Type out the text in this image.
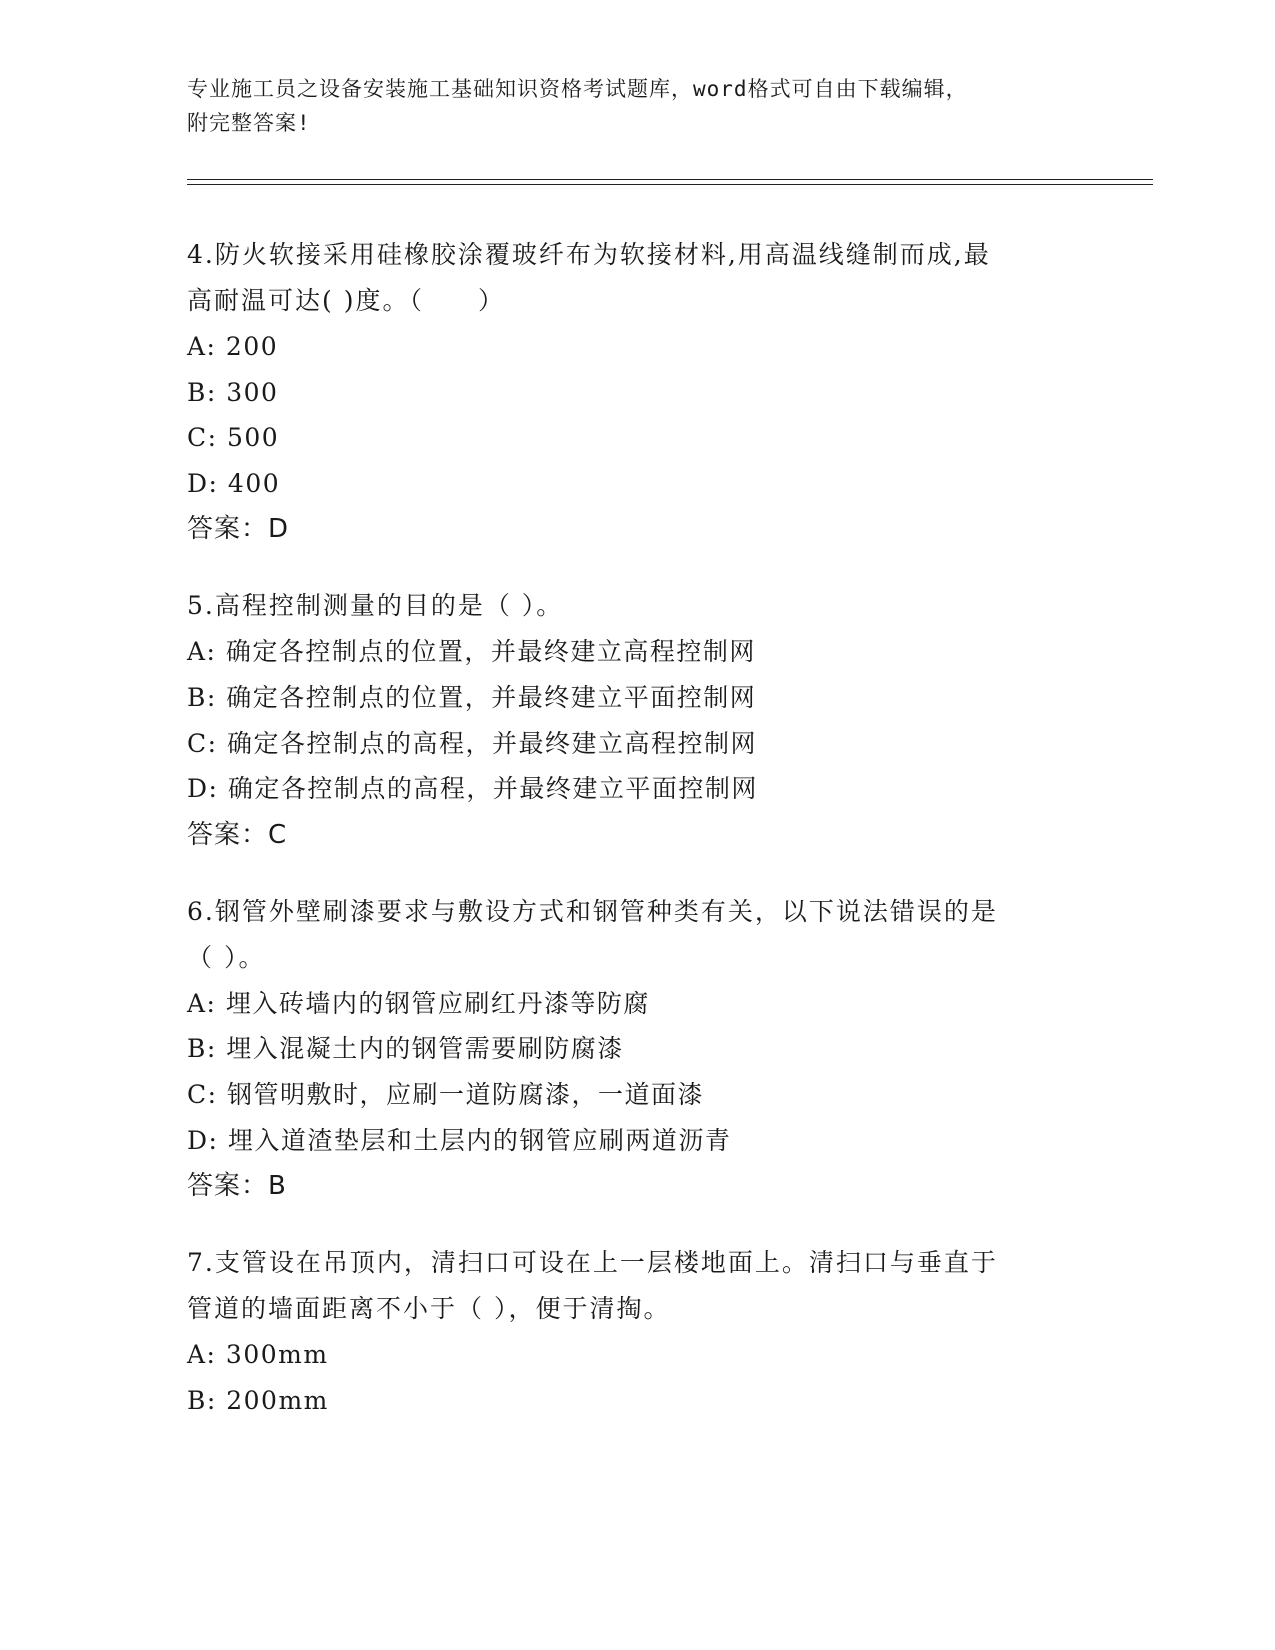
专业施工员之设备安装施工基础知识资格考试题库，word格式可自由下载编辑，
附完整答案!

4.防火软接采用硅橡胶涂覆玻纤布为软接材料,用高温线缝制而成,最

高耐温可达( )度。（　　）

A: 200

B: 300

C: 500

D: 400

答案：D

5.高程控制测量的目的是（ ）。

A: 确定各控制点的位置，并最终建立高程控制网

B: 确定各控制点的位置，并最终建立平面控制网

C: 确定各控制点的高程，并最终建立高程控制网

D: 确定各控制点的高程，并最终建立平面控制网

答案：C

6.钢管外壁刷漆要求与敷设方式和钢管种类有关，以下说法错误的是

（ ）。

A: 埋入砖墙内的钢管应刷红丹漆等防腐

B: 埋入混凝土内的钢管需要刷防腐漆

C: 钢管明敷时，应刷一道防腐漆，一道面漆

D: 埋入道渣垫层和土层内的钢管应刷两道沥青

答案：B

7.支管设在吊顶内，清扫口可设在上一层楼地面上。清扫口与垂直于

管道的墙面距离不小于（ ），便于清掏。

A: 300mm

B: 200mm
